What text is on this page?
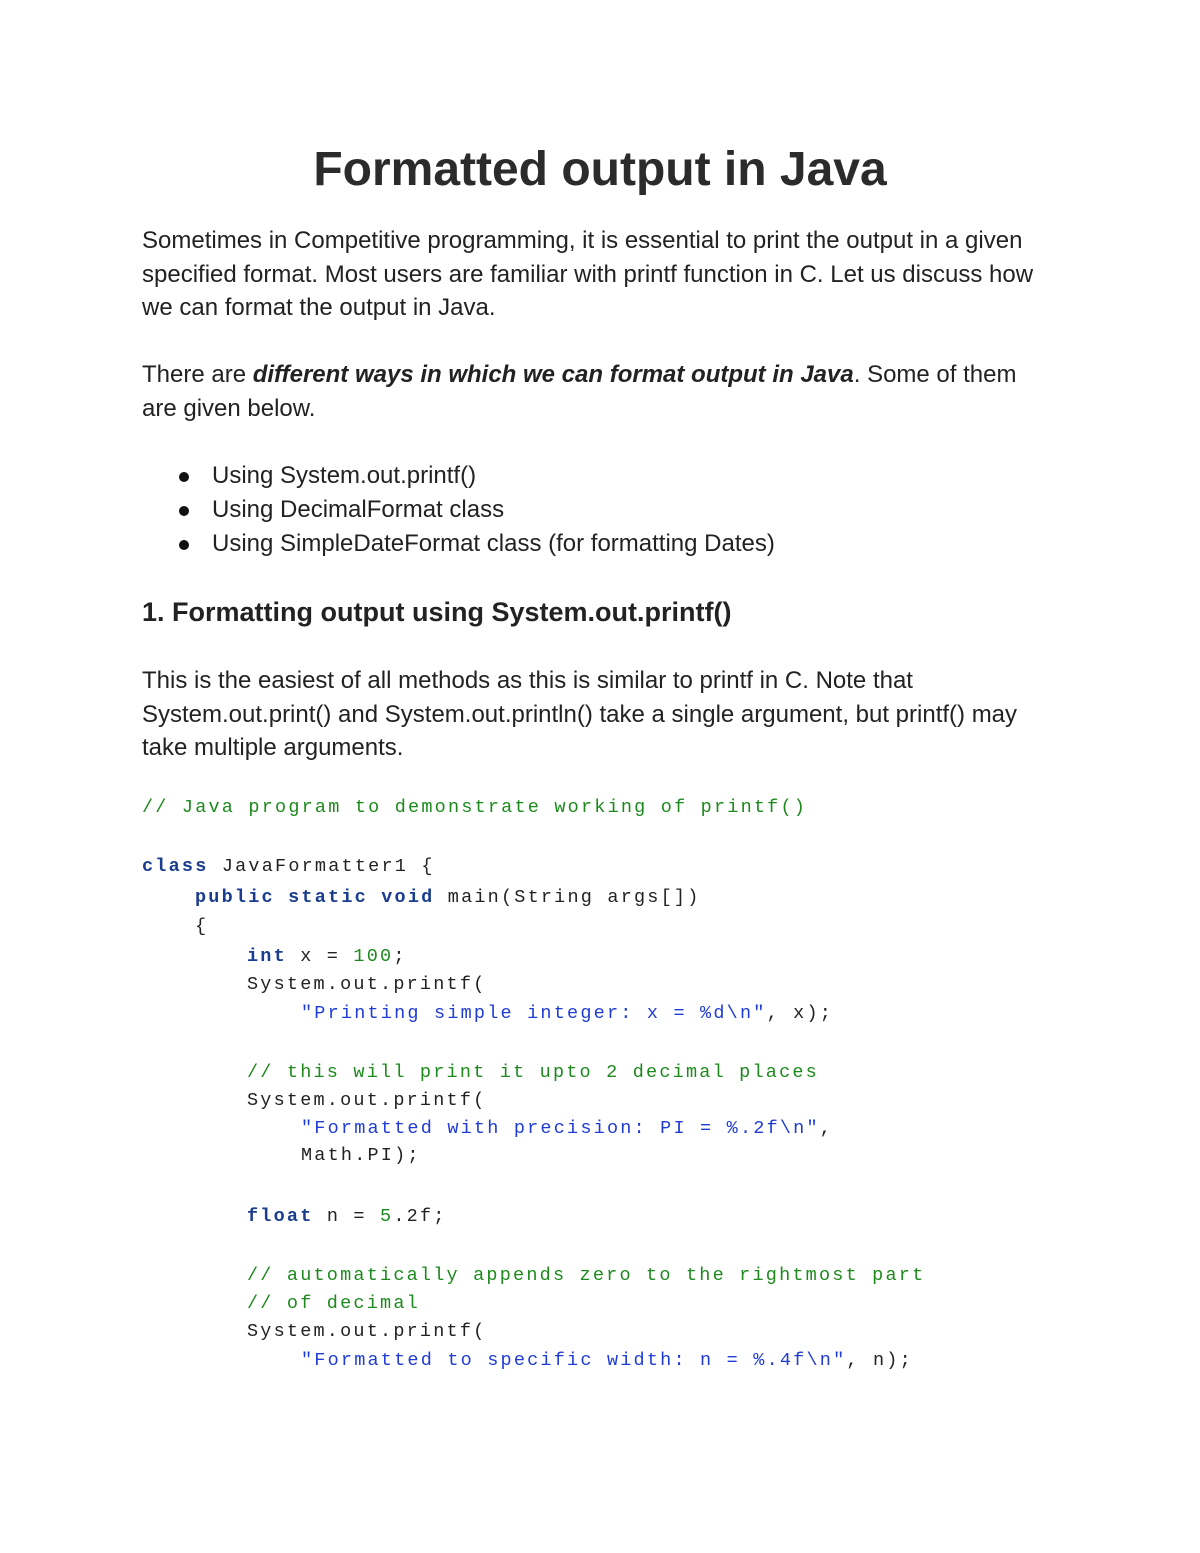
Formatted output in Java

Sometimes in Competitive programming, it is essential to print the output in a given specified format. Most users are familiar with printf function in C. Let us discuss how we can format the output in Java.

There are different ways in which we can format output in Java. Some of them are given below.

Using System.out.printf()
Using DecimalFormat class
Using SimpleDateFormat class (for formatting Dates)
1. Formatting output using System.out.printf()

This is the easiest of all methods as this is similar to printf in C. Note that System.out.print() and System.out.println() take a single argument, but printf() may take multiple arguments.

// Java program to demonstrate working of printf()
class JavaFormatter1 {
public static void main(String args[])
{
int x = 100;
System.out.printf(
"Printing simple integer: x = %d\n", x);
// this will print it upto 2 decimal places
System.out.printf(
"Formatted with precision: PI = %.2f\n",
Math.PI);
float n = 5.2f;
// automatically appends zero to the rightmost part
// of decimal
System.out.printf(
"Formatted to specific width: n = %.4f\n", n);
